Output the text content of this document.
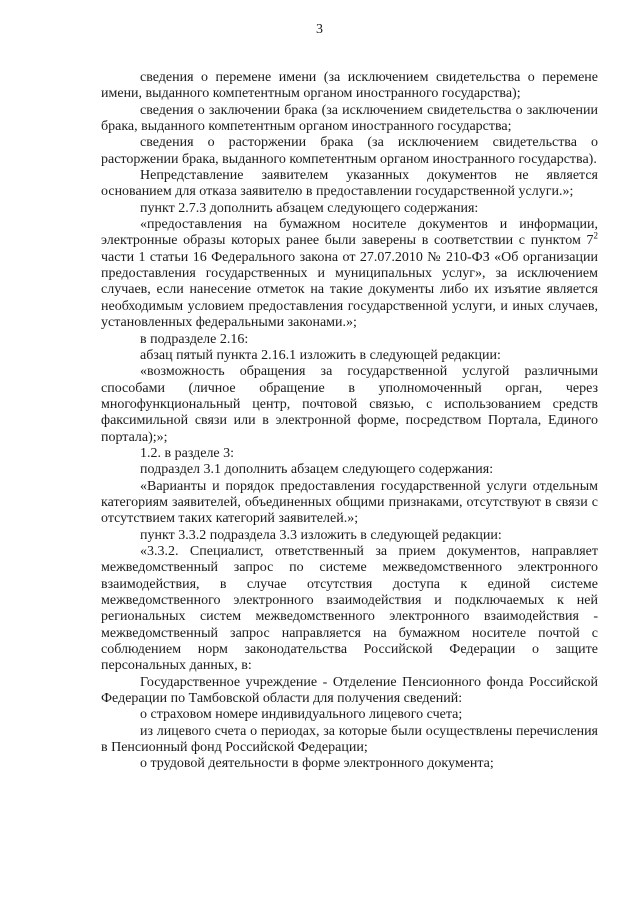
3

сведения о перемене имени (за исключением свидетельства о перемене имени, выданного компетентным органом иностранного государства);

сведения о заключении брака (за исключением свидетельства о заключении брака, выданного компетентным органом иностранного государства;

сведения о расторжении брака (за исключением свидетельства о расторжении брака, выданного компетентным органом иностранного государства).

Непредставление заявителем указанных документов не является основанием для отказа заявителю в предоставлении государственной услуги.»;

пункт 2.7.3 дополнить абзацем следующего содержания:

«предоставления на бумажном носителе документов и информации, электронные образы которых ранее были заверены в соответствии с пунктом $7^2$ части 1 статьи 16 Федерального закона от 27.07.2010 № 210-ФЗ «Об организации предоставления государственных и муниципальных услуг», за исключением случаев, если нанесение отметок на такие документы либо их изъятие является необходимым условием предоставления государственной услуги, и иных случаев, установленных федеральными законами.»;

в подразделе 2.16:

абзац пятый пункта 2.16.1 изложить в следующей редакции:

«возможность обращения за государственной услугой различными способами (личное обращение в уполномоченный орган, через многофункциональный центр, почтовой связью, с использованием средств факсимильной связи или в электронной форме, посредством Портала, Единого портала);»;

1.2. в разделе 3:

подраздел 3.1 дополнить абзацем следующего содержания:

«Варианты и порядок предоставления государственной услуги отдельным категориям заявителей, объединенных общими признаками, отсутствуют в связи с отсутствием таких категорий заявителей.»;

пункт 3.3.2 подраздела 3.3 изложить в следующей редакции:

«3.3.2. Специалист, ответственный за прием документов, направляет межведомственный запрос по системе межведомственного электронного взаимодействия, в случае отсутствия доступа к единой системе межведомственного электронного взаимодействия и подключаемых к ней региональных систем межведомственного электронного взаимодействия - межведомственный запрос направляется на бумажном носителе почтой с соблюдением норм законодательства Российской Федерации о защите персональных данных, в:

Государственное учреждение - Отделение Пенсионного фонда Российской Федерации по Тамбовской области для получения сведений:

о страховом номере индивидуального лицевого счета;

из лицевого счета о периодах, за которые были осуществлены перечисления в Пенсионный фонд Российской Федерации;

о трудовой деятельности в форме электронного документа;
